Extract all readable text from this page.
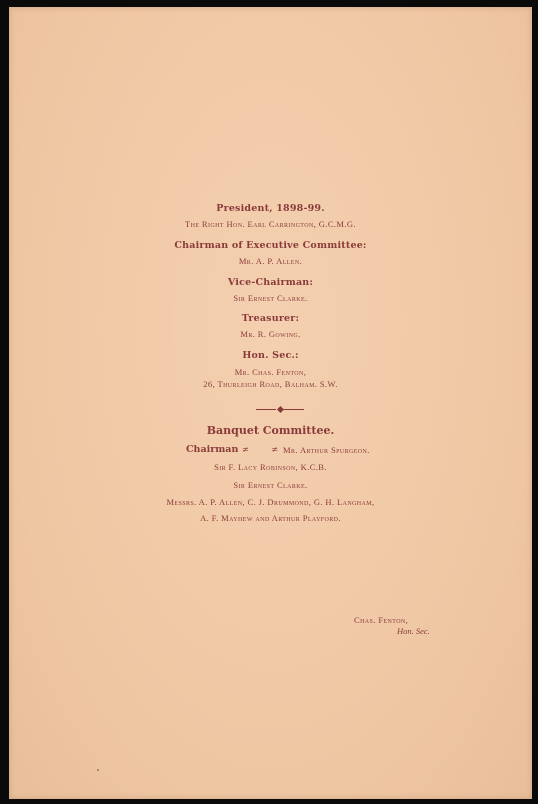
President, 1898-99.
The Right Hon. Earl Carrington, G.C.M.G.
Chairman of Executive Committee:
Mr. A. P. Allen.
Vice-Chairman:
Sir Ernest Clarke.
Treasurer:
Mr. R. Gowing.
Hon. Sec.:
Mr. Chas. Fenton,
26, Thurleigh Road, Balham. S.W.
Banquet Committee.
Chairman ≠ ≠
Mr. Arthur Spurgeon.
Sir F. Lacy Robinson, K.C.B.
Sir Ernest Clarke.
Messrs. A. P. Allen, C. J. Drummond, G. H. Langham,
A. F. Mayhew and Arthur Playford.
Chas. Fenton,
Hon. Sec.
